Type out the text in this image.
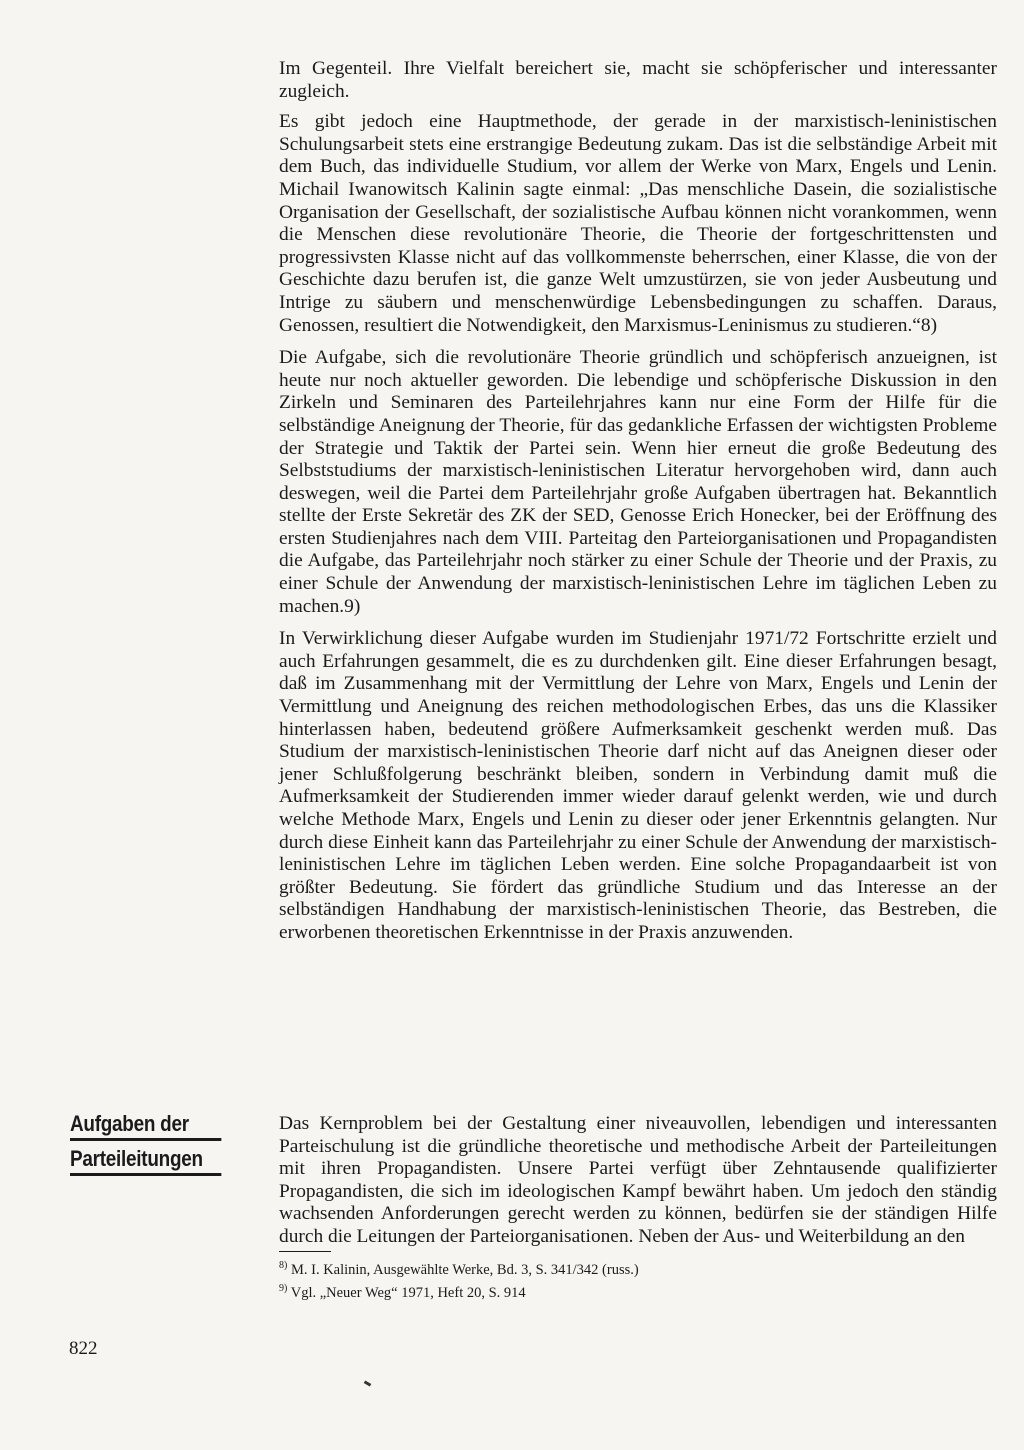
Im Gegenteil. Ihre Vielfalt bereichert sie, macht sie schöpferischer und interessanter zugleich.

Es gibt jedoch eine Hauptmethode, der gerade in der marxistisch-leninistischen Schulungsarbeit stets eine erstrangige Bedeutung zukam. Das ist die selbständige Arbeit mit dem Buch, das individuelle Studium, vor allem der Werke von Marx, Engels und Lenin. Michail Iwanowitsch Kalinin sagte einmal: „Das menschliche Dasein, die sozialistische Organisation der Gesellschaft, der sozialistische Aufbau können nicht vorankommen, wenn die Menschen diese revolutionäre Theorie, die Theorie der fortgeschrittensten und progressivsten Klasse nicht auf das vollkommenste beherrschen, einer Klasse, die von der Geschichte dazu berufen ist, die ganze Welt umzustürzen, sie von jeder Ausbeutung und Intrige zu säubern und menschenwürdige Lebensbedingungen zu schaffen. Daraus, Genossen, resultiert die Notwendigkeit, den Marxismus-Leninismus zu studieren.“8)

Die Aufgabe, sich die revolutionäre Theorie gründlich und schöpferisch anzueignen, ist heute nur noch aktueller geworden. Die lebendige und schöpferische Diskussion in den Zirkeln und Seminaren des Parteilehrjahres kann nur eine Form der Hilfe für die selbständige Aneignung der Theorie, für das gedankliche Erfassen der wichtigsten Probleme der Strategie und Taktik der Partei sein. Wenn hier erneut die große Bedeutung des Selbststudiums der marxistisch-leninistischen Literatur hervorgehoben wird, dann auch deswegen, weil die Partei dem Parteilehrjahr große Aufgaben übertragen hat. Bekanntlich stellte der Erste Sekretär des ZK der SED, Genosse Erich Honecker, bei der Eröffnung des ersten Studienjahres nach dem VIII. Parteitag den Parteiorganisationen und Propagandisten die Aufgabe, das Parteilehrjahr noch stärker zu einer Schule der Theorie und der Praxis, zu einer Schule der Anwendung der marxistisch-leninistischen Lehre im täglichen Leben zu machen.9)

In Verwirklichung dieser Aufgabe wurden im Studienjahr 1971/72 Fortschritte erzielt und auch Erfahrungen gesammelt, die es zu durchdenken gilt. Eine dieser Erfahrungen besagt, daß im Zusammenhang mit der Vermittlung der Lehre von Marx, Engels und Lenin der Vermittlung und Aneignung des reichen methodologischen Erbes, das uns die Klassiker hinterlassen haben, bedeutend größere Aufmerksamkeit geschenkt werden muß. Das Studium der marxistisch-leninistischen Theorie darf nicht auf das Aneignen dieser oder jener Schlußfolgerung beschränkt bleiben, sondern in Verbindung damit muß die Aufmerksamkeit der Studierenden immer wieder darauf gelenkt werden, wie und durch welche Methode Marx, Engels und Lenin zu dieser oder jener Erkenntnis gelangten. Nur durch diese Einheit kann das Parteilehrjahr zu einer Schule der Anwendung der marxistisch-leninistischen Lehre im täglichen Leben werden. Eine solche Propagandaarbeit ist von größter Bedeutung. Sie fördert das gründliche Studium und das Interesse an der selbständigen Handhabung der marxistisch-leninistischen Theorie, das Bestreben, die erworbenen theoretischen Erkenntnisse in der Praxis anzuwenden.

Aufgaben der
Parteileitungen

Das Kernproblem bei der Gestaltung einer niveauvollen, lebendigen und interessanten Parteischulung ist die gründliche theoretische und methodische Arbeit der Parteileitungen mit ihren Propagandisten. Unsere Partei verfügt über Zehntausende qualifizierter Propagandisten, die sich im ideologischen Kampf bewährt haben. Um jedoch den ständig wachsenden Anforderungen gerecht werden zu können, bedürfen sie der ständigen Hilfe durch die Leitungen der Parteiorganisationen. Neben der Aus- und Weiterbildung an den

$^{8)}$ M. I. Kalinin, Ausgewählte Werke, Bd. 3, S. 341/342 (russ.)

$^{9)}$ Vgl. „Neuer Weg“ 1971, Heft 20, S. 914

822
